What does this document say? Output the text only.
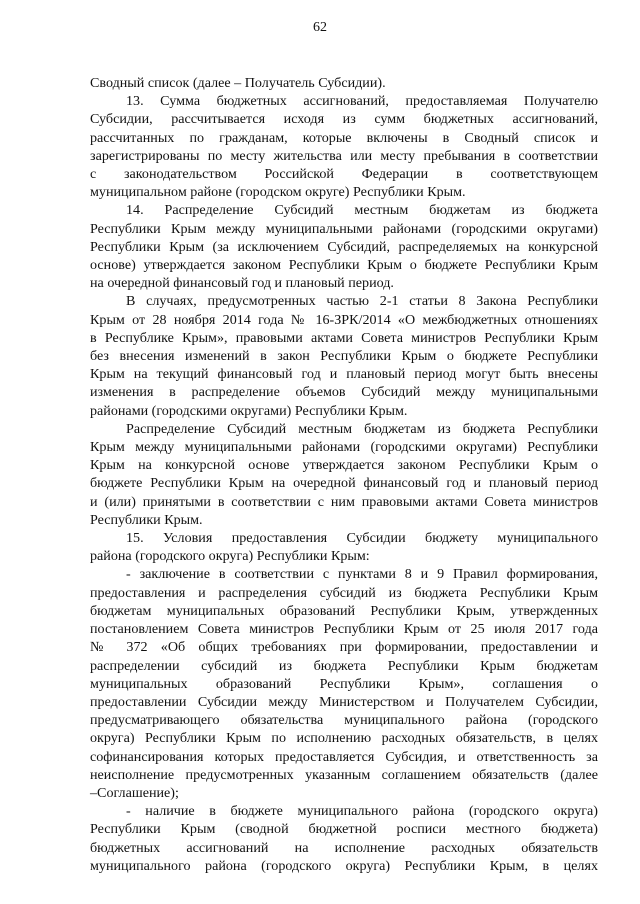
62
Сводный список (далее – Получатель Субсидии).
13. Сумма бюджетных ассигнований, предоставляемая Получателю
Субсидии, рассчитывается исходя из сумм бюджетных ассигнований,
рассчитанных по гражданам, которые включены в Сводный список и
зарегистрированы по месту жительства или месту пребывания в соответствии
с законодательством Российской Федерации в соответствующем
муниципальном районе (городском округе) Республики Крым.
14. Распределение Субсидий местным бюджетам из бюджета
Республики Крым между муниципальными районами (городскими округами)
Республики Крым (за исключением Субсидий, распределяемых на конкурсной
основе) утверждается законом Республики Крым о бюджете Республики Крым
на очередной финансовый год и плановый период.
В случаях, предусмотренных частью 2-1 статьи 8 Закона Республики
Крым от 28 ноября 2014 года № 16-ЗРК/2014 «О межбюджетных отношениях
в Республике Крым», правовыми актами Совета министров Республики Крым
без внесения изменений в закон Республики Крым о бюджете Республики
Крым на текущий финансовый год и плановый период могут быть внесены
изменения в распределение объемов Субсидий между муниципальными
районами (городскими округами) Республики Крым.
Распределение Субсидий местным бюджетам из бюджета Республики
Крым между муниципальными районами (городскими округами) Республики
Крым на конкурсной основе утверждается законом Республики Крым о
бюджете Республики Крым на очередной финансовый год и плановый период
и (или) принятыми в соответствии с ним правовыми актами Совета министров
Республики Крым.
15. Условия предоставления Субсидии бюджету муниципального
района (городского округа) Республики Крым:
- заключение в соответствии с пунктами 8 и 9 Правил формирования,
предоставления и распределения субсидий из бюджета Республики Крым
бюджетам муниципальных образований Республики Крым, утвержденных
постановлением Совета министров Республики Крым от 25 июля 2017 года
№ 372 «Об общих требованиях при формировании, предоставлении и
распределении субсидий из бюджета Республики Крым бюджетам
муниципальных образований Республики Крым», соглашения о
предоставлении Субсидии между Министерством и Получателем Субсидии,
предусматривающего обязательства муниципального района (городского
округа) Республики Крым по исполнению расходных обязательств, в целях
софинансирования которых предоставляется Субсидия, и ответственность за
неисполнение предусмотренных указанным соглашением обязательств (далее
–Соглашение);
- наличие в бюджете муниципального района (городского округа)
Республики Крым (сводной бюджетной росписи местного бюджета)
бюджетных ассигнований на исполнение расходных обязательств
муниципального района (городского округа) Республики Крым, в целях
